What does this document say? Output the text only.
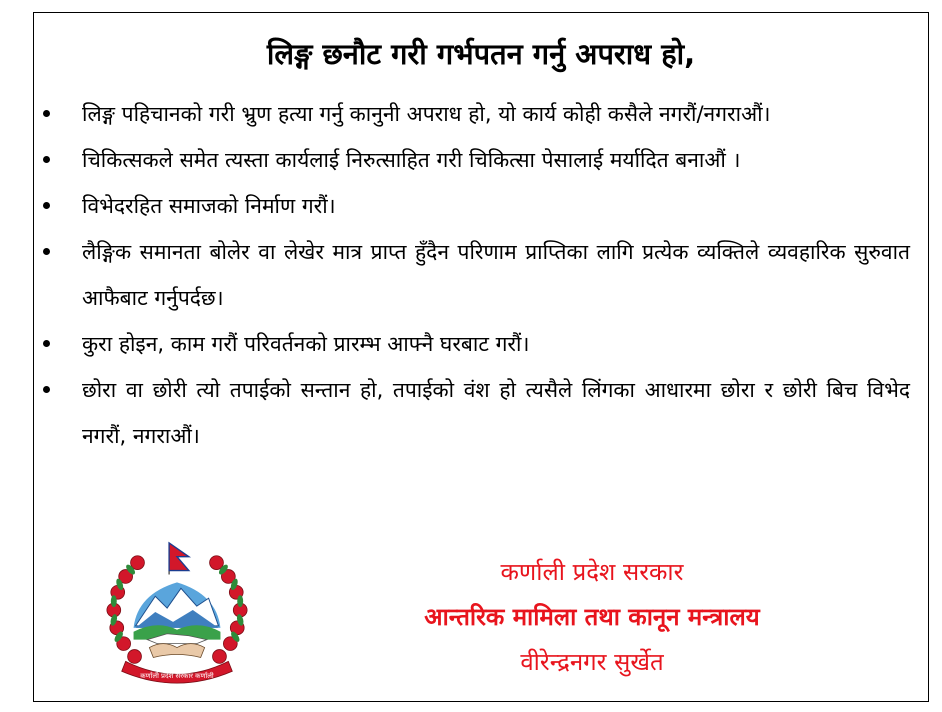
लिङ्ग छनौट गरी गर्भपतन गर्नु अपराध हो,
लिङ्ग पहिचानको गरी भ्रुण हत्या गर्नु कानुनी अपराध हो, यो कार्य कोही कसैले नगरौं/नगराऔं।
चिकित्सकले समेत त्यस्ता कार्यलाई निरुत्साहित गरी चिकित्सा पेसालाई मर्यादित बनाऔं ।
विभेदरहित समाजको निर्माण गरौं।
लैङ्गिक समानता बोलेर वा लेखेर मात्र प्राप्त हुँदैन परिणाम प्राप्तिका लागि प्रत्येक व्यक्तिले व्यवहारिक सुरुवात आफैबाट गर्नुपर्दछ।
कुरा होइन, काम गरौं परिवर्तनको प्रारम्भ आफ्नै घरबाट गरौं।
छोरा वा छोरी त्यो तपाईको सन्तान हो, तपाईको वंश हो त्यसैले लिंगका आधारमा छोरा र छोरी बिच विभेद नगरौं, नगराऔं।
कर्णाली प्रदेश सरकार कर्णाली

कर्णाली प्रदेश सरकार

आन्तरिक मामिला तथा कानून मन्त्रालय

वीरेन्द्रनगर सुर्खेत
